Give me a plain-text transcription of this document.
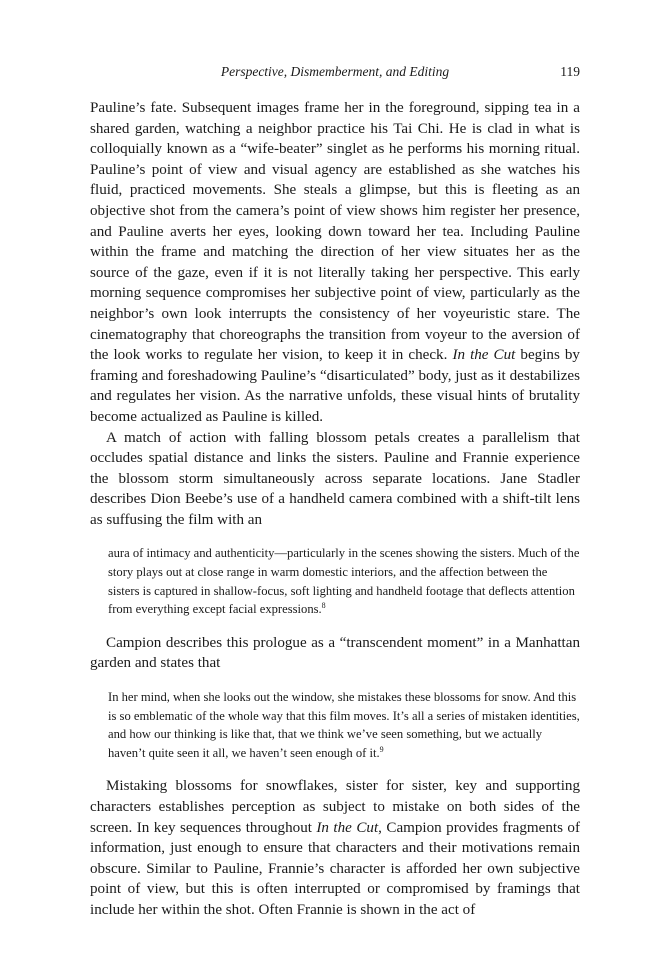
Perspective, Dismemberment, and Editing	119

Pauline’s fate. Subsequent images frame her in the foreground, sipping tea in a shared garden, watching a neighbor practice his Tai Chi. He is clad in what is colloquially known as a “wife-beater” singlet as he performs his morning ritual. Pauline’s point of view and visual agency are established as she watches his fluid, practiced movements. She steals a glimpse, but this is fleeting as an objective shot from the camera’s point of view shows him register her presence, and Pauline averts her eyes, looking down toward her tea. Including Pauline within the frame and matching the direction of her view situates her as the source of the gaze, even if it is not literally taking her perspective. This early morning sequence compromises her subjective point of view, particularly as the neighbor’s own look interrupts the consistency of her voyeuristic stare. The cinematography that choreographs the transition from voyeur to the aversion of the look works to regulate her vision, to keep it in check. In the Cut begins by framing and foreshadowing Pauline’s “disarticulated” body, just as it destabilizes and regulates her vision. As the narrative unfolds, these visual hints of brutality become actualized as Pauline is killed.

A match of action with falling blossom petals creates a parallelism that occludes spatial distance and links the sisters. Pauline and Frannie experience the blossom storm simultaneously across separate locations. Jane Stadler describes Dion Beebe’s use of a handheld camera combined with a shift-tilt lens as suffusing the film with an

aura of intimacy and authenticity—particularly in the scenes showing the sisters. Much of the story plays out at close range in warm domestic interiors, and the affection between the sisters is captured in shallow-focus, soft lighting and handheld footage that deflects attention from everything except facial expressions.$^8$

Campion describes this prologue as a “transcendent moment” in a Manhattan garden and states that

In her mind, when she looks out the window, she mistakes these blossoms for snow. And this is so emblematic of the whole way that this film moves. It’s all a series of mistaken identities, and how our thinking is like that, that we think we’ve seen something, but we actually haven’t quite seen it all, we haven’t seen enough of it.$^9$

Mistaking blossoms for snowflakes, sister for sister, key and supporting characters establishes perception as subject to mistake on both sides of the screen. In key sequences throughout In the Cut, Campion provides fragments of information, just enough to ensure that characters and their motivations remain obscure. Similar to Pauline, Frannie’s character is afforded her own subjective point of view, but this is often interrupted or compromised by framings that include her within the shot. Often Frannie is shown in the act of
